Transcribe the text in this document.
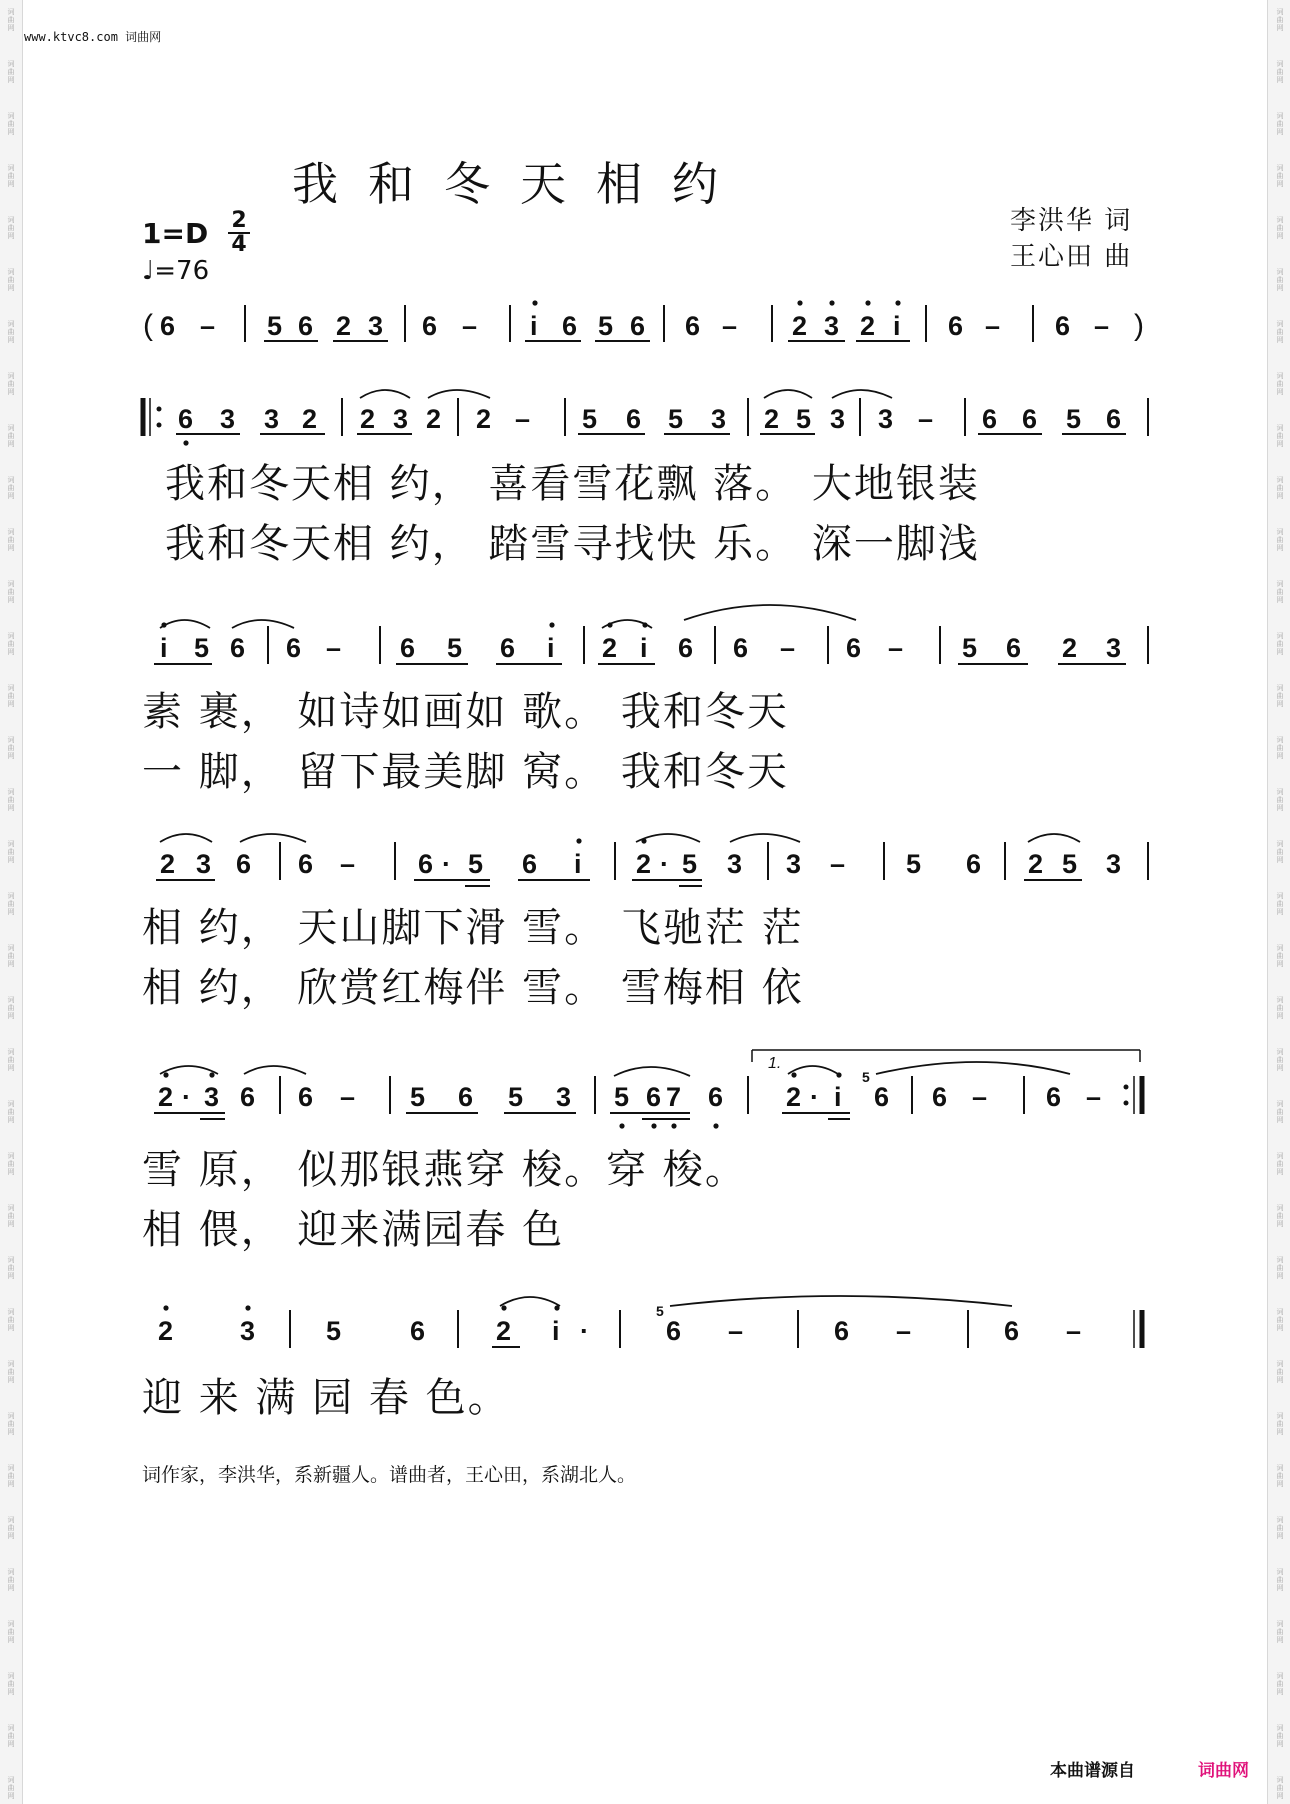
词
曲
网
词
曲
网
词
曲
网
词
曲
网
词
曲
网
词
曲
网
词
曲
网
词
曲
网
词
曲
网
词
曲
网
词
曲
网
词
曲
网
词
曲
网
词
曲
网
词
曲
网
词
曲
网
词
曲
网
词
曲
网
词
曲
网
词
曲
网
词
曲
网
词
曲
网
词
曲
网
词
曲
网
词
曲
网
词
曲
网
词
曲
网
词
曲
网
词
曲
网
词
曲
网
词
曲
网
词
曲
网
词
曲
网
词
曲
网
词
曲
网
词
曲
网
词
曲
网
词
曲
网
词
曲
网
词
曲
网
词
曲
网
词
曲
网
词
曲
网
词
曲
网
词
曲
网
词
曲
网
词
曲
网
词
曲
网
词
曲
网
词
曲
网
词
曲
网
词
曲
网
词
曲
网
词
曲
网
词
曲
网
词
曲
网
词
曲
网
词
曲
网
词
曲
网
词
曲
网
词
曲
网
词
曲
网
词
曲
网
词
曲
网
词
曲
网
词
曲
网
词
曲
网
词
曲
网
词
曲
网
词
曲
网
www.ktvc8.com 词曲网
我和冬天相约
李洪华 词
王心田 曲
1=D 2
4
♩=76
( 6 – 5 6 2 3 6 – i 6 5 6 6 – 2 3 2 i 6 – 6 – )
6 3 3 2 2 3 2 2 – 5 6 5 3 2 5 3 3 – 6 6 5 6
i 5 6 6 – 6 5 6 i 2 i 6 6 – 6 – 5 6 2 3
2 3 6 6 – 6 · 5 6 i 2 · 5 3 3 – 5 6 2 5 3
2 · 3 6 6 – 5 6 5 3 5 6 7 6
1.
2 · i
5
6 6 – 6 –
2 3	5	6	2 i ·
5
6 –	6 –	6 –
我和冬天相 约， 喜看雪花飘 落。 大地银装
我和冬天相 约， 踏雪寻找快 乐。 深一脚浅
素 裹， 如诗如画如 歌。 我和冬天
一 脚， 留下最美脚 窝。 我和冬天
相 约， 天山脚下滑 雪。 飞驰茫 茫
相 约， 欣赏红梅伴 雪。 雪梅相 依
雪 原， 似那银燕穿 梭。穿 梭。
相 偎， 迎来满园春 色
迎 来 满 园 春 色。
词作家，李洪华，系新疆人。谱曲者，王心田，系湖北人。
本曲谱源自	词曲网
